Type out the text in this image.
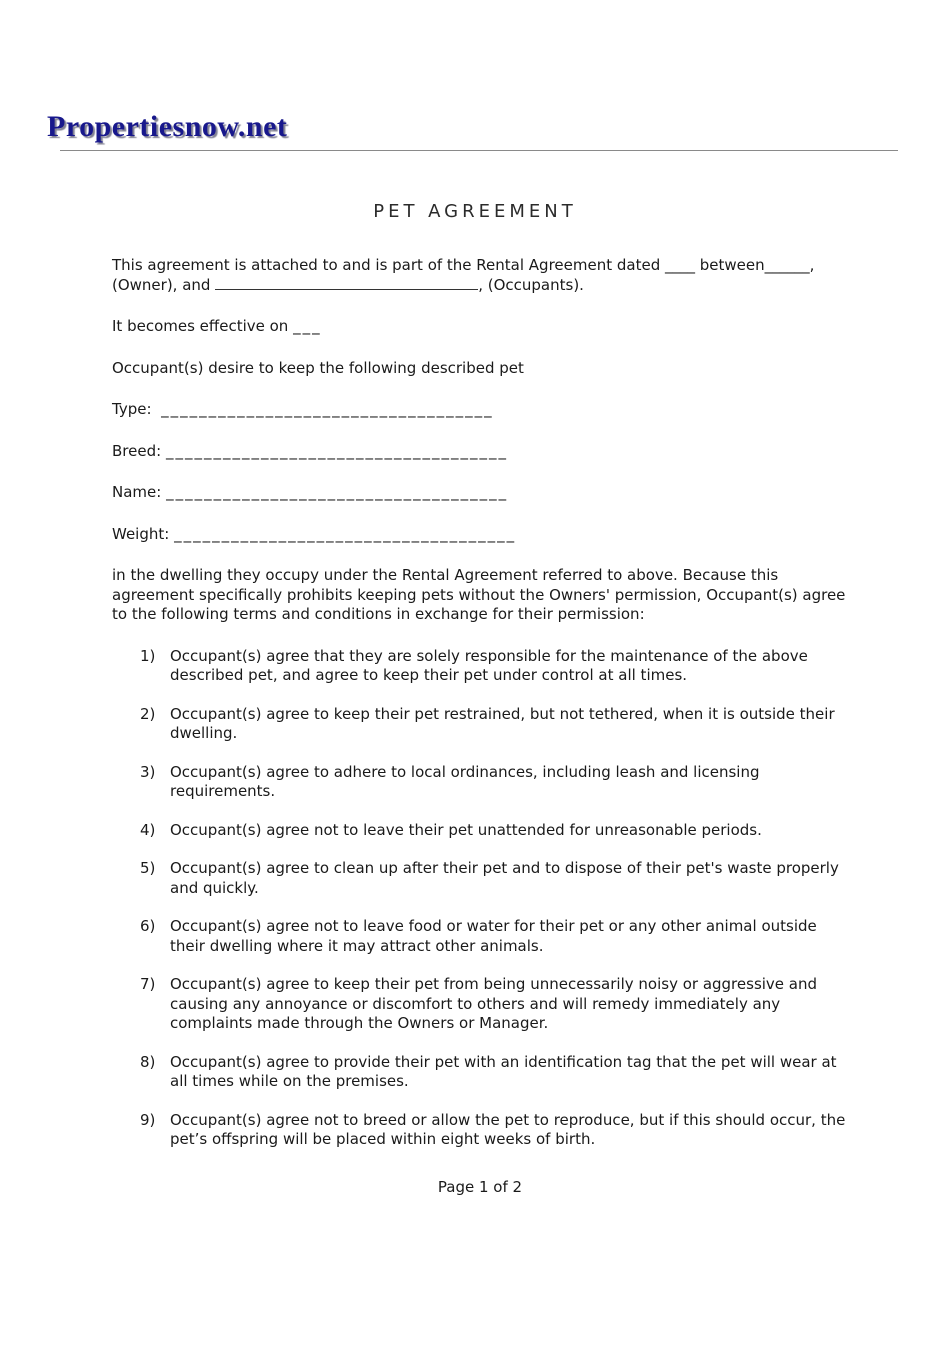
Propertiesnow.net
PET AGREEMENT

This agreement is attached to and is part of the Rental Agreement dated ____ between______, (Owner), and	, (Occupants).

It becomes effective on ___

Occupant(s) desire to keep the following described pet

Type: ___________________________________
Breed: ____________________________________
Name: ____________________________________
Weight: ____________________________________

in the dwelling they occupy under the Rental Agreement referred to above. Because this agreement specifically prohibits keeping pets without the Owners' permission, Occupant(s) agree to the following terms and conditions in exchange for their permission:

1) Occupant(s) agree that they are solely responsible for the maintenance of the above described pet, and agree to keep their pet under control at all times.
2) Occupant(s) agree to keep their pet restrained, but not tethered, when it is outside their dwelling.
3) Occupant(s) agree to adhere to local ordinances, including leash and licensing requirements.
4) Occupant(s) agree not to leave their pet unattended for unreasonable periods.
5) Occupant(s) agree to clean up after their pet and to dispose of their pet's waste properly and quickly.
6) Occupant(s) agree not to leave food or water for their pet or any other animal outside their dwelling where it may attract other animals.
7) Occupant(s) agree to keep their pet from being unnecessarily noisy or aggressive and causing any annoyance or discomfort to others and will remedy immediately any complaints made through the Owners or Manager.
8) Occupant(s) agree to provide their pet with an identification tag that the pet will wear at all times while on the premises.
9) Occupant(s) agree not to breed or allow the pet to reproduce, but if this should occur, the pet’s offspring will be placed within eight weeks of birth.
Page 1 of 2
